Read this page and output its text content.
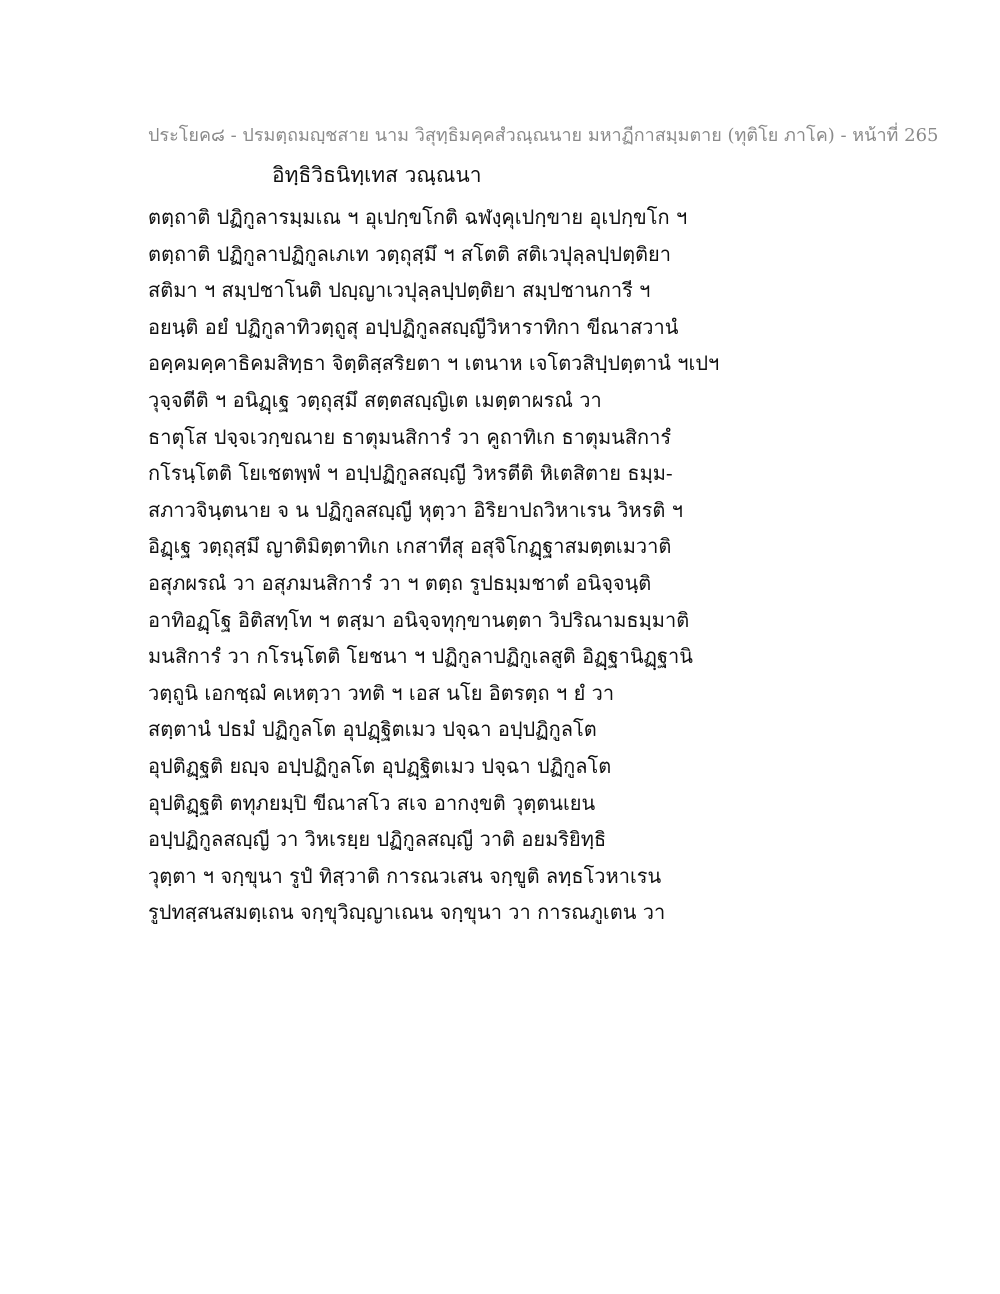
ประโยค๘ - ปรมตฺถมญฺชสาย นาม วิสุทฺธิมคฺคสํวณฺณนาย มหาฏีกาสมฺมตาย (ทุติโย ภาโค) - หน้าที่ 265
อิทฺธิวิธนิทฺเทส วณฺณนา
ตตฺถาติ ปฏิกูลารมฺมเณ ฯ อุเปกฺขโกติ ฉฬงฺคุเปกฺขาย อุเปกฺขโก ฯ
ตตฺถาติ ปฏิกูลาปฏิกูลเภเท วตฺถุสฺมึ ฯ สโตติ สติเวปุลฺลปฺปตฺติยา
สติมา ฯ สมฺปชาโนติ ปญฺญาเวปุลฺลปฺปตฺติยา สมฺปชานการี ฯ
อยนฺติ อยํ ปฏิกูลาทิวตฺถูสุ อปฺปฏิกูลสญฺญีวิหาราทิกา ขีณาสวานํ
อคฺคมคฺคาธิคมสิทฺธา จิตฺติสฺสริยตา ฯ เตนาห เจโตวสิปฺปตฺตานํ ฯเปฯ
วุจฺจตีติ ฯ อนิฏฺเฐ วตฺถุสฺมึ สตฺตสญฺญิเต เมตฺตาผรณํ วา
ธาตุโส ปจฺจเวกฺขณาย ธาตุมนสิการํ วา คูถาทิเก ธาตุมนสิการํ
กโรนฺโตติ โยเชตพฺพํ ฯ อปฺปฏิกูลสญฺญี วิหรตีติ หิเตสิตาย ธมฺม-
สภาวจินฺตนาย จ น ปฏิกูลสญฺญี หุตฺวา อิริยาปถวิหาเรน วิหรติ ฯ
อิฏฺเฐ วตฺถุสฺมึ ญาติมิตฺตาทิเก เกสาทีสุ อสุจิโกฏฺฐาสมตฺตเมวาติ
อสุภผรณํ วา อสุภมนสิการํ วา ฯ ตตฺถ รูปธมฺมชาตํ อนิจฺจนฺติ
อาทิอฏฺโฐ อิติสทฺโท ฯ ตสฺมา อนิจฺจทุกฺขานตฺตา วิปริณามธมฺมาติ
มนสิการํ วา กโรนฺโตติ โยชนา ฯ ปฏิกูลาปฏิกูเลสูติ อิฏฺฐานิฏฺฐานิ
วตฺถูนิ เอกชฺฌํ คเหตฺวา วทติ ฯ เอส นโย อิตรตฺถ ฯ ยํ วา
สตฺตานํ ปธมํ ปฏิกูลโต อุปฏฺฐิตเมว ปจฺฉา อปฺปฏิกูลโต
อุปติฏฺฐติ ยญฺจ อปฺปฏิกูลโต อุปฏฺฐิตเมว ปจฺฉา ปฏิกูลโต
อุปติฏฺฐติ ตทุภยมฺปิ ขีณาสโว สเจ อากงฺขติ วุตฺตนเยน
อปฺปฏิกูลสญฺญี วา วิหเรยฺย ปฏิกูลสญฺญี วาติ อยมริยิทฺธิ
วุตฺตา ฯ จกฺขุนา รูปํ ทิสฺวาติ การณวเสน จกฺขูติ ลทฺธโวหาเรน
รูปทสฺสนสมตฺเถน จกฺขุวิญฺญาเณน จกฺขุนา วา การณภูเตน วา
